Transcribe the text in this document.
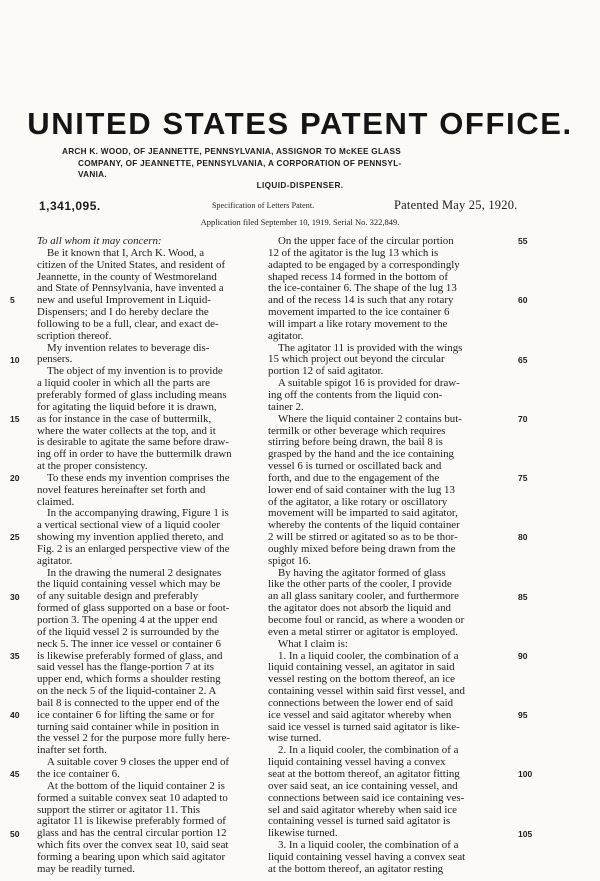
UNITED STATES PATENT OFFICE.
ARCH K. WOOD, OF JEANNETTE, PENNSYLVANIA, ASSIGNOR TO McKEE GLASS
COMPANY, OF JEANNETTE, PENNSYLVANIA, A CORPORATION OF PENNSYL-
VANIA.
LIQUID-DISPENSER.
1,341,095.	Specification of Letters Patent.	Patented May 25, 1920.
Application filed September 10, 1919. Serial No. 322,849.
To all whom it may concern:
Be it known that I, Arch K. Wood, a
citizen of the United States, and resident of
Jeannette, in the county of Westmoreland
and State of Pennsylvania, have invented a
new and useful Improvement in Liquid-
Dispensers; and I do hereby declare the
following to be a full, clear, and exact de-
scription thereof.
My invention relates to beverage dis-
pensers.
The object of my invention is to provide
a liquid cooler in which all the parts are
preferably formed of glass including means
for agitating the liquid before it is drawn,
as for instance in the case of buttermilk,
where the water collects at the top, and it
is desirable to agitate the same before draw-
ing off in order to have the buttermilk drawn
at the proper consistency.
To these ends my invention comprises the
novel features hereinafter set forth and
claimed.
In the accompanying drawing, Figure 1 is
a vertical sectional view of a liquid cooler
showing my invention applied thereto, and
Fig. 2 is an enlarged perspective view of the
agitator.
In the drawing the numeral 2 designates
the liquid containing vessel which may be
of any suitable design and preferably
formed of glass supported on a base or foot-
portion 3. The opening 4 at the upper end
of the liquid vessel 2 is surrounded by the
neck 5. The inner ice vessel or container 6
is likewise preferably formed of glass, and
said vessel has the flange-portion 7 at its
upper end, which forms a shoulder resting
on the neck 5 of the liquid-container 2. A
bail 8 is connected to the upper end of the
ice container 6 for lifting the same or for
turning said container while in position in
the vessel 2 for the purpose more fully here-
inafter set forth.
A suitable cover 9 closes the upper end of
the ice container 6.
At the bottom of the liquid container 2 is
formed a suitable convex seat 10 adapted to
support the stirrer or agitator 11. This
agitator 11 is likewise preferably formed of
glass and has the central circular portion 12
which fits over the convex seat 10, said seat
forming a bearing upon which said agitator
may be readily turned.
On the upper face of the circular portion
12 of the agitator is the lug 13 which is
adapted to be engaged by a correspondingly
shaped recess 14 formed in the bottom of
the ice-container 6. The shape of the lug 13
and of the recess 14 is such that any rotary
movement imparted to the ice container 6
will impart a like rotary movement to the
agitator.
The agitator 11 is provided with the wings
15 which project out beyond the circular
portion 12 of said agitator.
A suitable spigot 16 is provided for draw-
ing off the contents from the liquid con-
tainer 2.
Where the liquid container 2 contains but-
termilk or other beverage which requires
stirring before being drawn, the bail 8 is
grasped by the hand and the ice containing
vessel 6 is turned or oscillated back and
forth, and due to the engagement of the
lower end of said container with the lug 13
of the agitator, a like rotary or oscillatory
movement will be imparted to said agitator,
whereby the contents of the liquid container
2 will be stirred or agitated so as to be thor-
oughly mixed before being drawn from the
spigot 16.
By having the agitator formed of glass
like the other parts of the cooler, I provide
an all glass sanitary cooler, and furthermore
the agitator does not absorb the liquid and
become foul or rancid, as where a wooden or
even a metal stirrer or agitator is employed.
What I claim is:
1. In a liquid cooler, the combination of a
liquid containing vessel, an agitator in said
vessel resting on the bottom thereof, an ice
containing vessel within said first vessel, and
connections between the lower end of said
ice vessel and said agitator whereby when
said ice vessel is turned said agitator is like-
wise turned.
2. In a liquid cooler, the combination of a
liquid containing vessel having a convex
seat at the bottom thereof, an agitator fitting
over said seat, an ice containing vessel, and
connections between said ice containing ves-
sel and said agitator whereby when said ice
containing vessel is turned said agitator is
likewise turned.
3. In a liquid cooler, the combination of a
liquid containing vessel having a convex seat
at the bottom thereof, an agitator resting
5
10
15
20
25
30
35
40
45
50
55
60
65
70
75
80
85
90
95
100
105
